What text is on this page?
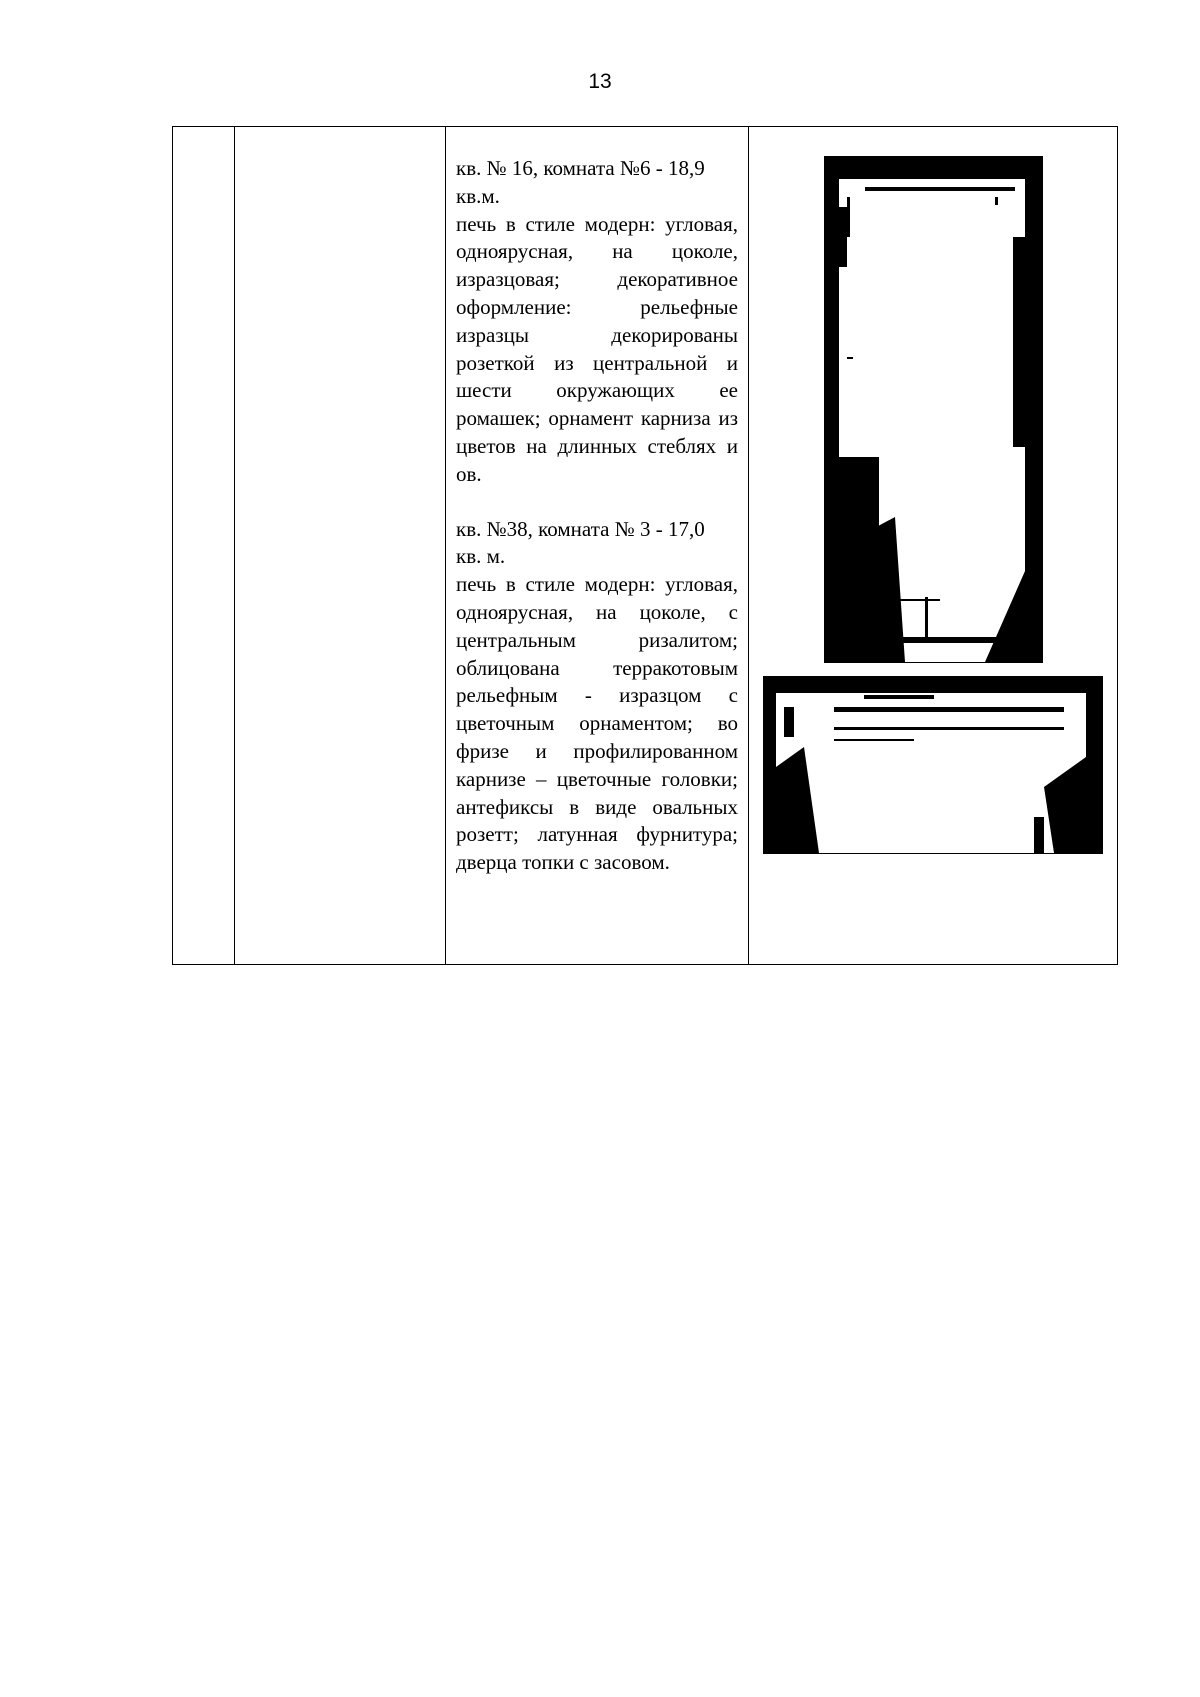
13

кв. № 16, комната №6 - 18,9

кв.м.

печь в стиле модерн: угловая, одноярусная, на цоколе, изразцовая; декоративное оформление: рельефные изразцы декорированы розеткой из центральной и шести окружающих ее ромашек; орнамент карниза из цветов на длинных стеблях и ов.

кв. №38, комната № 3 - 17,0

кв. м.

печь в стиле модерн: угловая, одноярусная, на цоколе, с центральным ризалитом; облицована терракотовым рельефным - изразцом с цветочным орнаментом; во фризе и профилированном карнизе – цветочные головки; антефиксы в виде овальных розетт; латунная фурнитура; дверца топки с засовом.
